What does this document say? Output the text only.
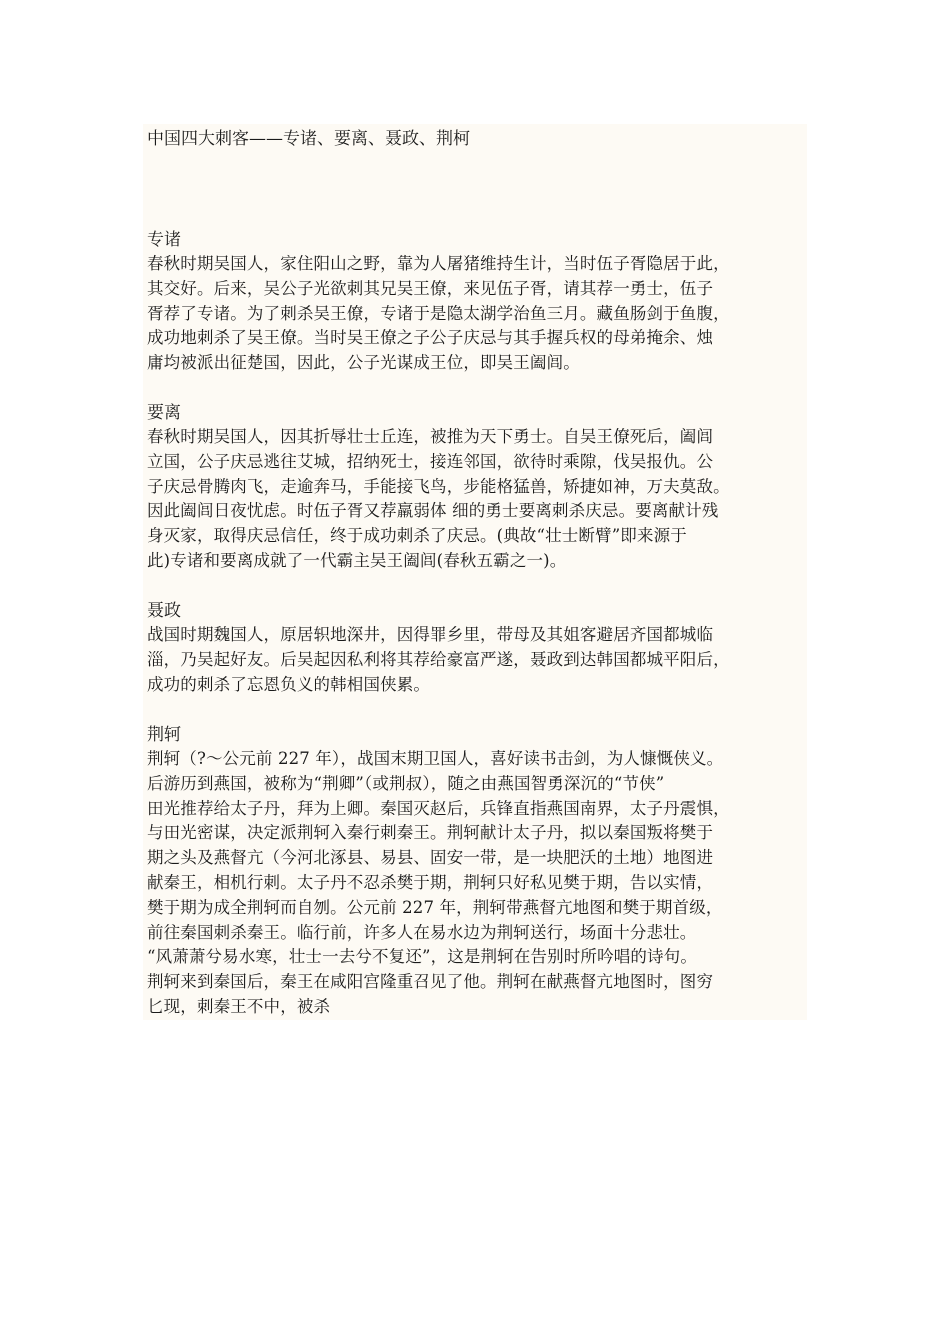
中国四大刺客——专诸、要离、聂政、荆柯
专诸
春秋时期吴国人，家住阳山之野，靠为人屠猪维持生计，当时伍子胥隐居于此，
其交好。后来，吴公子光欲刺其兄吴王僚，来见伍子胥，请其荐一勇士，伍子
胥荐了专诸。为了刺杀吴王僚，专诸于是隐太湖学治鱼三月。藏鱼肠剑于鱼腹，
成功地刺杀了吴王僚。当时吴王僚之子公子庆忌与其手握兵权的母弟掩余、烛
庸均被派出征楚国，因此，公子光谋成王位，即吴王阖闾。
要离
春秋时期吴国人，因其折辱壮士丘连，被推为天下勇士。自吴王僚死后，阖闾
立国，公子庆忌逃往艾城，招纳死士，接连邻国，欲待时乘隙，伐吴报仇。公
子庆忌骨腾肉飞，走逾奔马，手能接飞鸟，步能格猛兽，矫捷如神，万夫莫敌。
因此阖闾日夜忧虑。时伍子胥又荐羸弱体 细的勇士要离刺杀庆忌。要离献计残
身灭家，取得庆忌信任，终于成功刺杀了庆忌。(典故“壮士断臂”即来源于
此)专诸和要离成就了一代霸主吴王阖闾(春秋五霸之一)。
聂政
战国时期魏国人，原居轵地深井，因得罪乡里，带母及其姐客避居齐国都城临
淄，乃吴起好友。后吴起因私利将其荐给豪富严遂，聂政到达韩国都城平阳后，
成功的刺杀了忘恩负义的韩相国侠累。
荆轲
荆轲（?～公元前 227 年），战国末期卫国人，喜好读书击剑，为人慷慨侠义。
后游历到燕国，被称为“荆卿”（或荆叔），随之由燕国智勇深沉的“节侠”
田光推荐给太子丹，拜为上卿。秦国灭赵后，兵锋直指燕国南界，太子丹震惧，
与田光密谋，决定派荆轲入秦行刺秦王。荆轲献计太子丹，拟以秦国叛将樊于
期之头及燕督亢（今河北涿县、易县、固安一带，是一块肥沃的土地）地图进
献秦王，相机行刺。太子丹不忍杀樊于期，荆轲只好私见樊于期，告以实情，
樊于期为成全荆轲而自刎。公元前 227 年，荆轲带燕督亢地图和樊于期首级，
前往秦国刺杀秦王。临行前，许多人在易水边为荆轲送行，场面十分悲壮。
“风萧萧兮易水寒，壮士一去兮不复还”，这是荆轲在告别时所吟唱的诗句。
荆轲来到秦国后，秦王在咸阳宫隆重召见了他。荆轲在献燕督亢地图时，图穷
匕现，刺秦王不中，被杀
